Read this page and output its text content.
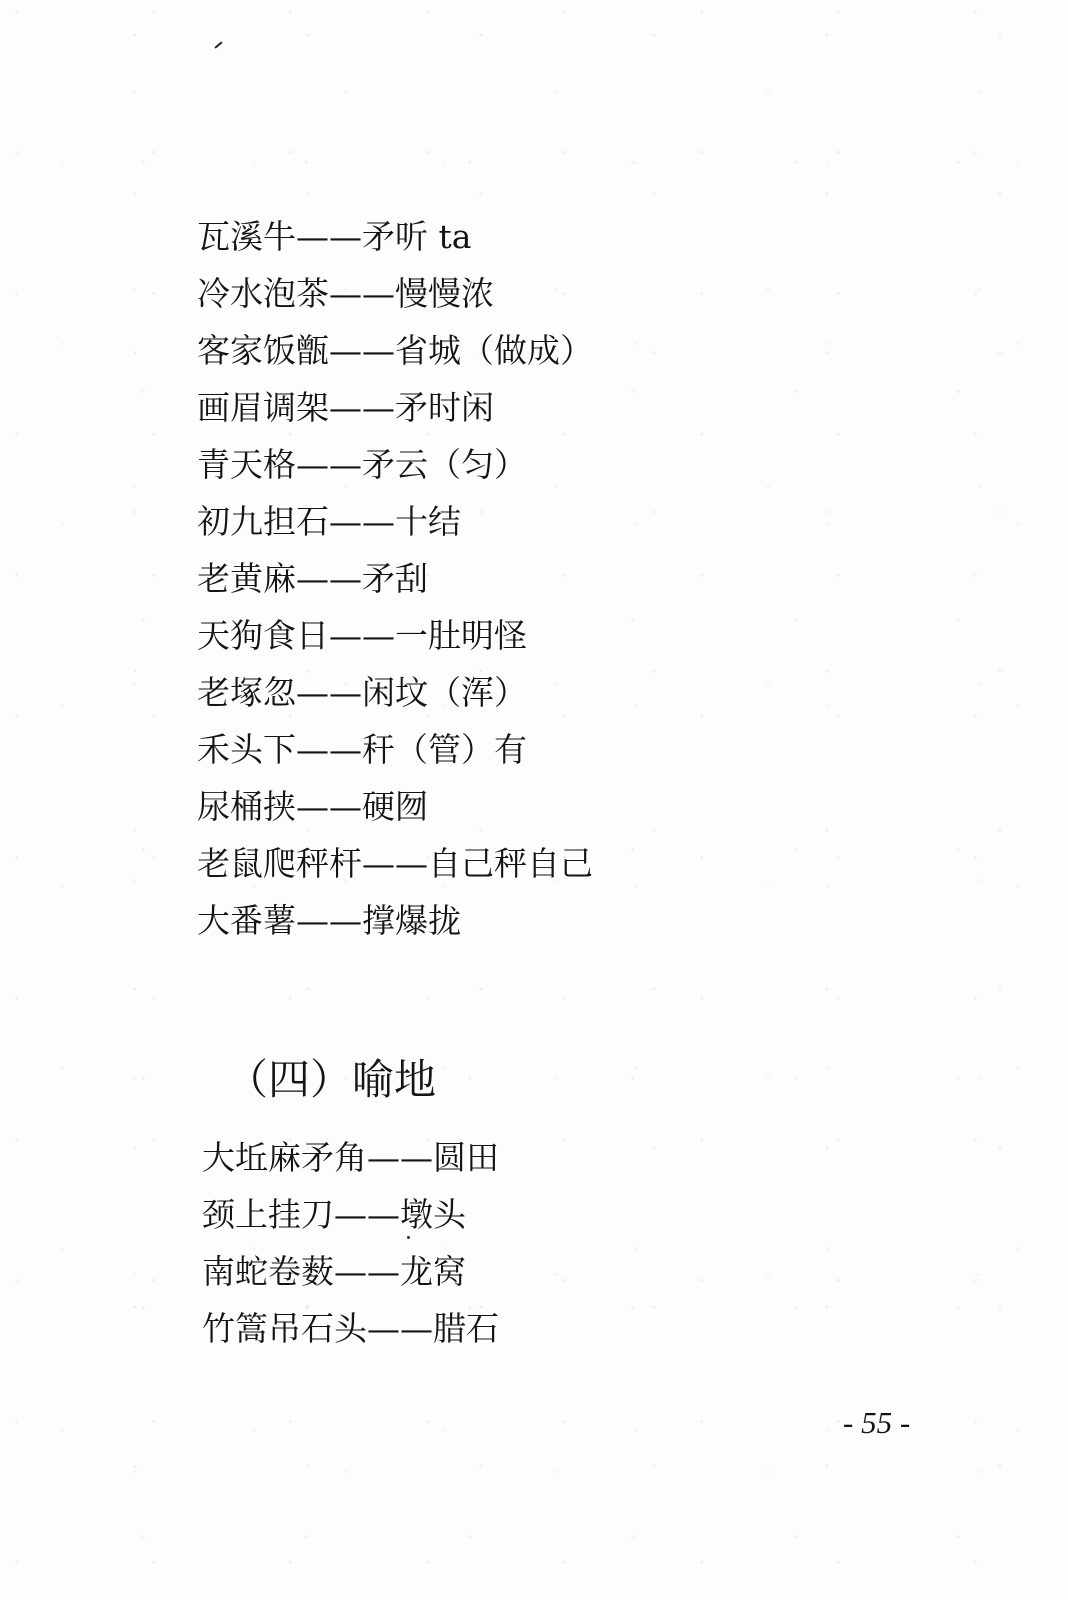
瓦溪牛——矛听 ta
冷水泡茶——慢慢浓
客家饭甑——省城（做成）
画眉调架——矛时闲
青天格——矛云（匀）
初九担石——十结
老黄麻——矛刮
天狗食日——一肚明怪
老塚忽——闲坟（浑）
禾头下——秆（管）有
尿桶挟——硬囫
老鼠爬秤杆——自己秤自己
大番薯——撑爆拢
（四）喻地
大坵麻矛角——圆田
颈上挂刀——墩头
南蛇卷薮——龙窝
竹篙吊石头——腊石
- 55 -
